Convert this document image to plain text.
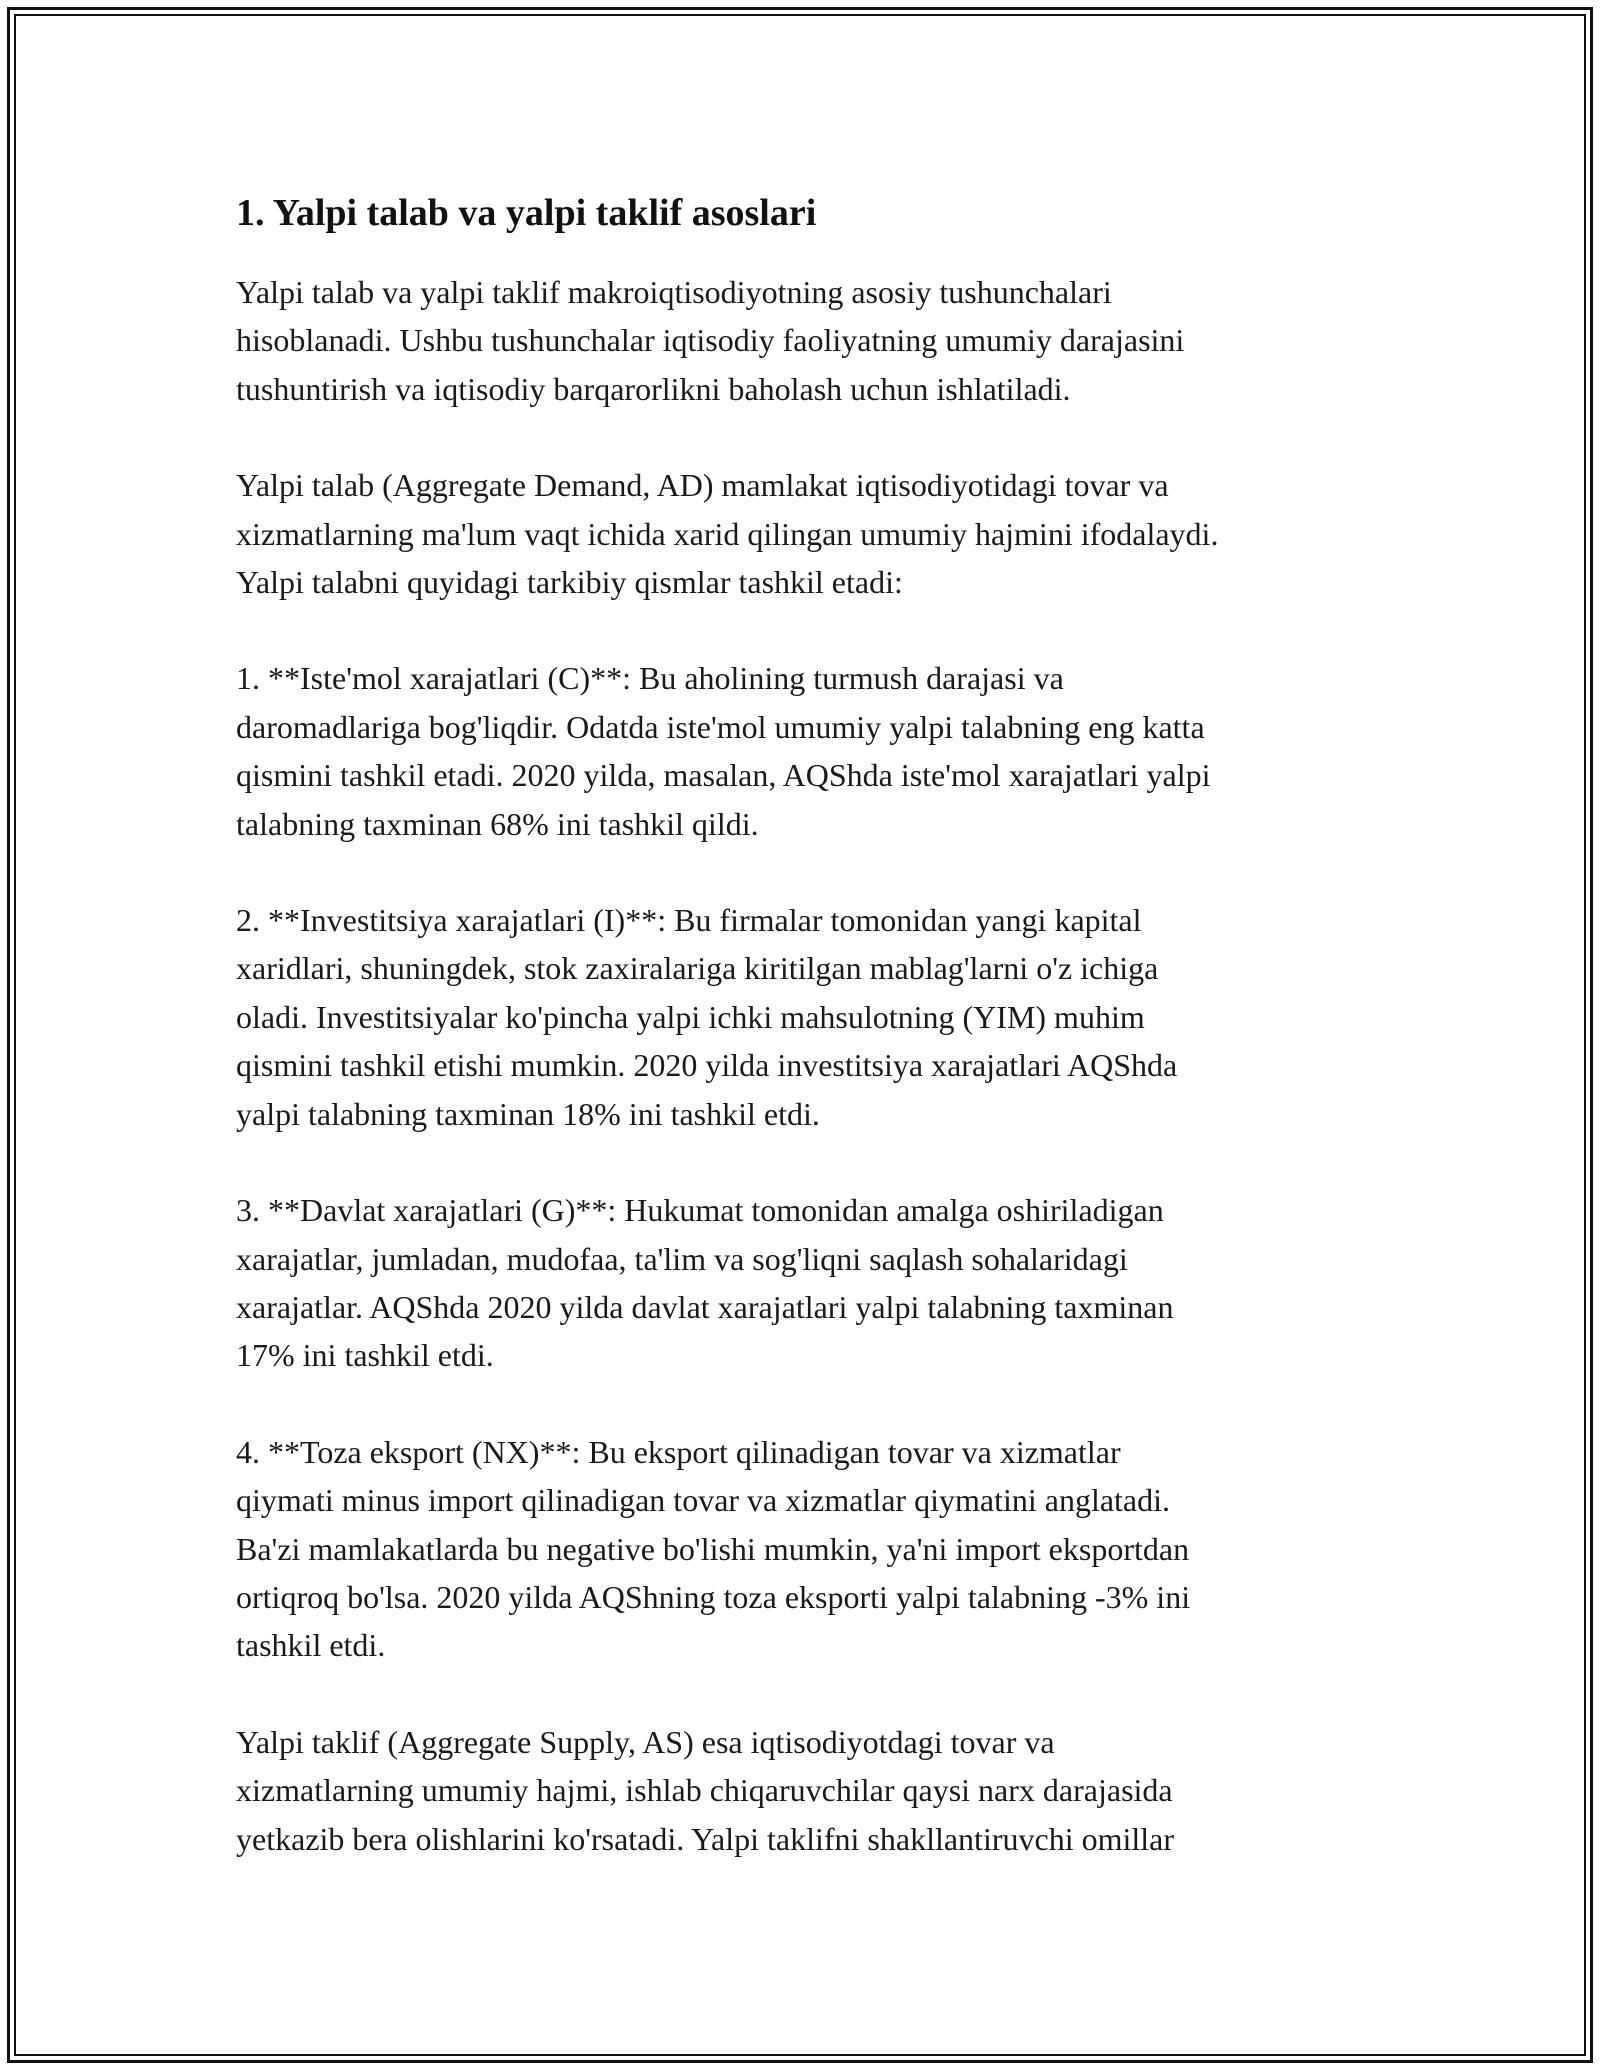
1. Yalpi talab va yalpi taklif asoslari

Yalpi talab va yalpi taklif makroiqtisodiyotning asosiy tushunchalari
hisoblanadi. Ushbu tushunchalar iqtisodiy faoliyatning umumiy darajasini
tushuntirish va iqtisodiy barqarorlikni baholash uchun ishlatiladi.

Yalpi talab (Aggregate Demand, AD) mamlakat iqtisodiyotidagi tovar va
xizmatlarning ma'lum vaqt ichida xarid qilingan umumiy hajmini ifodalaydi.
Yalpi talabni quyidagi tarkibiy qismlar tashkil etadi:

1. **Iste'mol xarajatlari (C)**: Bu aholining turmush darajasi va
daromadlariga bog'liqdir. Odatda iste'mol umumiy yalpi talabning eng katta
qismini tashkil etadi. 2020 yilda, masalan, AQShda iste'mol xarajatlari yalpi
talabning taxminan 68% ini tashkil qildi.

2. **Investitsiya xarajatlari (I)**: Bu firmalar tomonidan yangi kapital
xaridlari, shuningdek, stok zaxiralariga kiritilgan mablag'larni o'z ichiga
oladi. Investitsiyalar ko'pincha yalpi ichki mahsulotning (YIM) muhim
qismini tashkil etishi mumkin. 2020 yilda investitsiya xarajatlari AQShda
yalpi talabning taxminan 18% ini tashkil etdi.

3. **Davlat xarajatlari (G)**: Hukumat tomonidan amalga oshiriladigan
xarajatlar, jumladan, mudofaa, ta'lim va sog'liqni saqlash sohalaridagi
xarajatlar. AQShda 2020 yilda davlat xarajatlari yalpi talabning taxminan
17% ini tashkil etdi.

4. **Toza eksport (NX)**: Bu eksport qilinadigan tovar va xizmatlar
qiymati minus import qilinadigan tovar va xizmatlar qiymatini anglatadi.
Ba'zi mamlakatlarda bu negative bo'lishi mumkin, ya'ni import eksportdan
ortiqroq bo'lsa. 2020 yilda AQShning toza eksporti yalpi talabning -3% ini
tashkil etdi.

Yalpi taklif (Aggregate Supply, AS) esa iqtisodiyotdagi tovar va
xizmatlarning umumiy hajmi, ishlab chiqaruvchilar qaysi narx darajasida
yetkazib bera olishlarini ko'rsatadi. Yalpi taklifni shakllantiruvchi omillar
